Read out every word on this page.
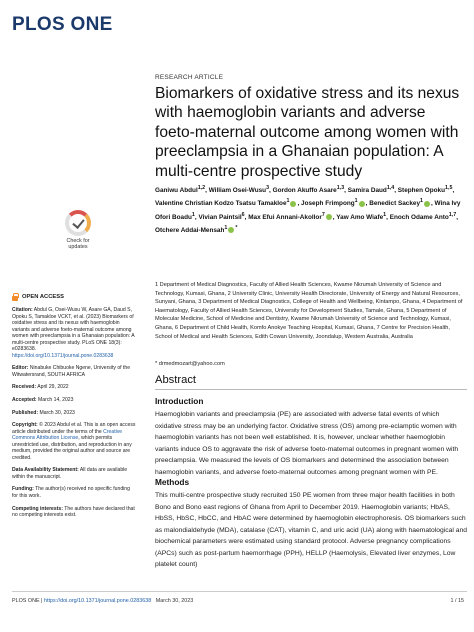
PLOS ONE
RESEARCH ARTICLE
Biomarkers of oxidative stress and its nexus with haemoglobin variants and adverse foeto-maternal outcome among women with preeclampsia in a Ghanaian population: A multi-centre prospective study
Ganiwu Abdul$^{1,2}$, William Osei-Wusu$^3$, Gordon Akuffo Asare$^{1,3}$, Samira Daud$^{1,4}$, Stephen Opoku$^{1,5}$, Valentine Christian Kodzo Tsatsu Tamakloe$^1$ , Joseph Frimpong$^1$ , Benedict Sackey$^1$ , Wina Ivy Ofori Boadu$^1$, Vivian Paintsil$^6$, Max Efui Annani-Akollor$^7$ , Yaw Amo Wiafe$^1$, Enoch Odame Anto$^{1,7}$, Otchere Addai-Mensah$^1$ *
Check for
updates

1 Department of Medical Diagnostics, Faculty of Allied Health Sciences, Kwame Nkrumah University of Science and Technology, Kumasi, Ghana, 2 University Clinic, University Health Directorate, University of Energy and Natural Resources, Sunyani, Ghana, 3 Department of Medical Diagnostics, College of Health and Wellbeing, Kintampo, Ghana, 4 Department of Haematology, Faculty of Allied Health Sciences, University for Development Studies, Tamale, Ghana, 5 Department of Molecular Medicine, School of Medicine and Dentistry, Kwame Nkrumah University of Science and Technology, Kumasi, Ghana, 6 Department of Child Health, Komfo Anokye Teaching Hospital, Kumasi, Ghana, 7 Centre for Precision Health, School of Medical and Health Sciences, Edith Cowan University, Joondalup, Western Australia, Australia

* drmedmozart@yahoo.com
OPEN ACCESS
Citation: Abdul G, Osei-Wusu W, Asare GA, Daud S, Opoku S, Tamakloe VCKT, et al. (2023) Biomarkers of oxidative stress and its nexus with haemoglobin variants and adverse foeto-maternal outcome among women with preeclampsia in a Ghanaian population: A multi-centre prospective study. PLoS ONE 18(3): e0283638. https://doi.org/10.1371/journal.pone.0283638
Editor: Ninabuke Chibuoke Ngene, University of the Witwatersrand, SOUTH AFRICA
Received: April 29, 2022
Accepted: March 14, 2023
Published: March 30, 2023
Copyright: © 2023 Abdul et al. This is an open access article distributed under the terms of the Creative Commons Attribution License, which permits unrestricted use, distribution, and reproduction in any medium, provided the original author and source are credited.
Data Availability Statement: All data are available within the manuscript.
Funding: The author(s) received no specific funding for this work.
Competing interests: The authors have declared that no competing interests exist.
Abstract
Introduction

Haemoglobin variants and preeclampsia (PE) are associated with adverse fatal events of which oxidative stress may be an underlying factor. Oxidative stress (OS) among pre-eclamptic women with haemoglobin variants has not been well established. It is, however, unclear whether haemoglobin variants induce OS to aggravate the risk of adverse foeto-maternal outcomes in pregnant women with preeclampsia. We measured the levels of OS biomarkers and determined the association between haemoglobin variants, and adverse foeto-maternal outcomes among pregnant women with PE.

Methods

This multi-centre prospective study recruited 150 PE women from three major health facilities in both Bono and Bono east regions of Ghana from April to December 2019. Haemoglobin variants; HbAS, HbSS, HbSC, HbCC, and HbAC were determined by haemoglobin electrophoresis. OS biomarkers such as malondialdehyde (MDA), catalase (CAT), vitamin C, and uric acid (UA) along with haematological and biochemical parameters were estimated using standard protocol. Adverse pregnancy complications (APCs) such as post-partum haemorrhage (PPH), HELLP (Haemolysis, Elevated liver enzymes, Low platelet count)

PLOS ONE | https://doi.org/10.1371/journal.pone.0283638 March 30, 2023	1 / 15
